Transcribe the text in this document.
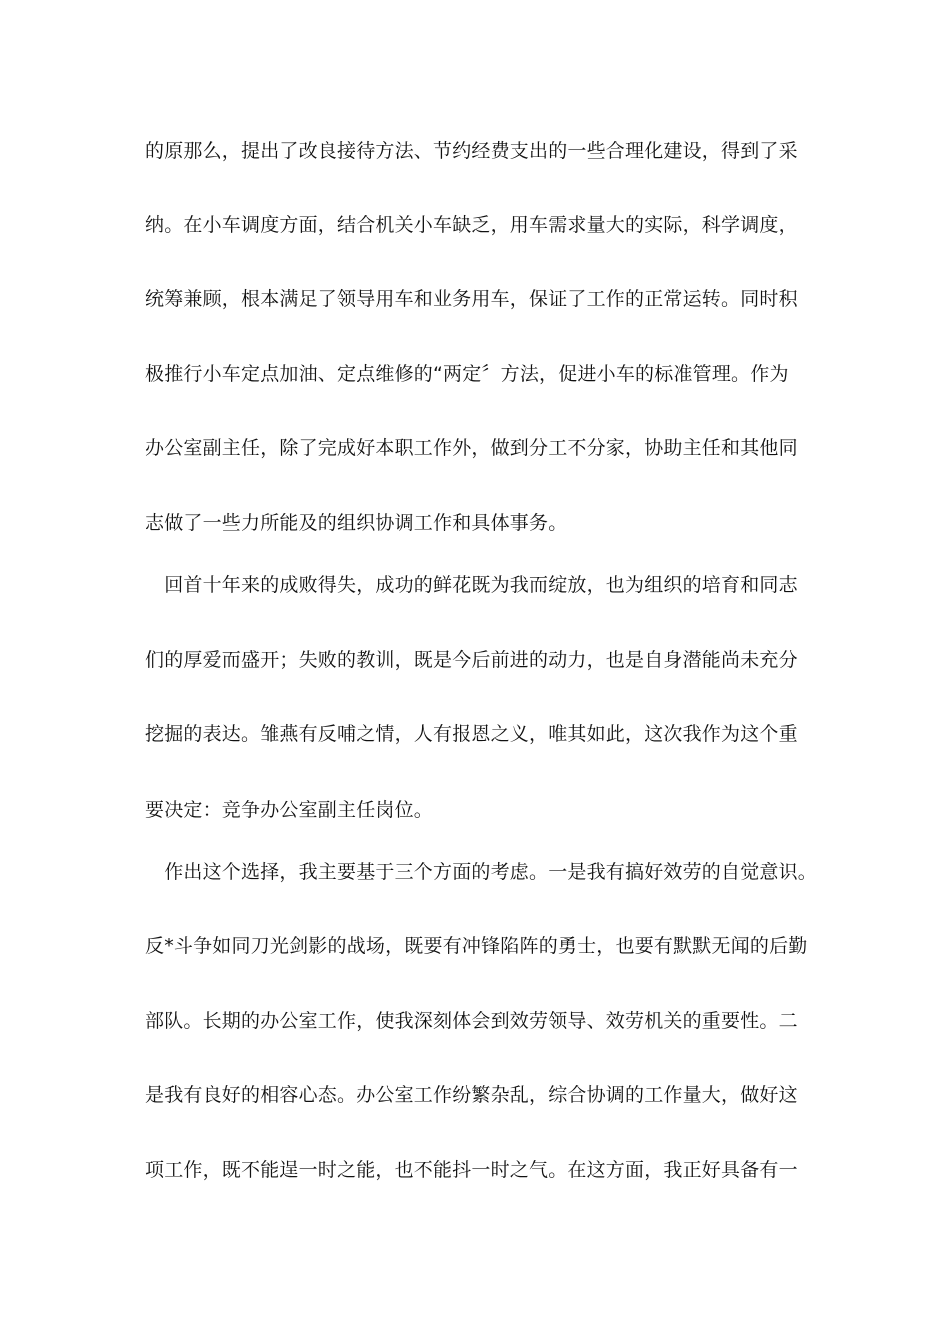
的原那么，提出了改良接待方法、节约经费支出的一些合理化建设，得到了采
纳。在小车调度方面，结合机关小车缺乏，用车需求量大的实际，科学调度，
统筹兼顾，根本满足了领导用车和业务用车，保证了工作的正常运转。同时积
极推行小车定点加油、定点维修的“两定〞方法，促进小车的标准管理。作为
办公室副主任，除了完成好本职工作外，做到分工不分家，协助主任和其他同
志做了一些力所能及的组织协调工作和具体事务。
　回首十年来的成败得失，成功的鲜花既为我而绽放，也为组织的培育和同志
们的厚爱而盛开；失败的教训，既是今后前进的动力，也是自身潜能尚未充分
挖掘的表达。雏燕有反哺之情，人有报恩之义，唯其如此，这次我作为这个重
要决定：竞争办公室副主任岗位。
　作出这个选择，我主要基于三个方面的考虑。一是我有搞好效劳的自觉意识。
反*斗争如同刀光剑影的战场，既要有冲锋陷阵的勇士，也要有默默无闻的后勤
部队。长期的办公室工作，使我深刻体会到效劳领导、效劳机关的重要性。二
是我有良好的相容心态。办公室工作纷繁杂乱，综合协调的工作量大，做好这
项工作，既不能逞一时之能，也不能抖一时之气。在这方面，我正好具备有一
